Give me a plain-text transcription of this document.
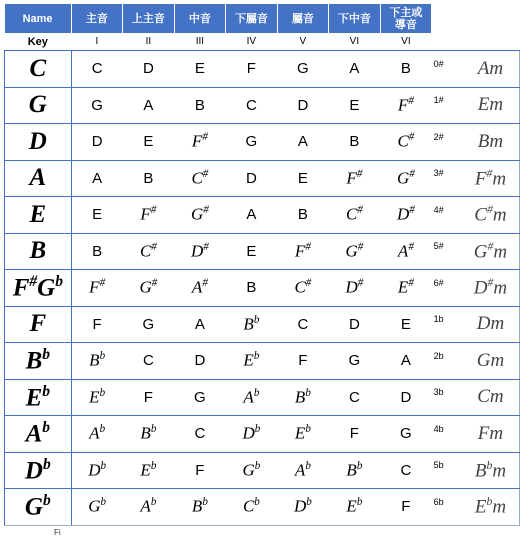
Name	主音	上主音	中音	下屬音	屬音	下中音	下主或
導音		
Key	I	II	III	IV	V	VI	VI		
C	C	D	E	F	G	A	B	0#	Am
G	G	A	B	C	D	E	F#	1#	Em
D	D	E	F#	G	A	B	C#	2#	Bm
A	A	B	C#	D	E	F#	G#	3#	F#m
E	E	F#	G#	A	B	C#	D#	4#	C#m
B	B	C#	D#	E	F#	G#	A#	5#	G#m
$F^{\#}G^b$	F#	G#	A#	B	C#	D#	E#	6#	D#m
F	F	G	A	$B^b$	C	D	E	1b	Dm
$B^b$	$B^b$	C	D	$E^b$	F	G	A	2b	Gm
$E^b$	$E^b$	F	G	$A^b$	$B^b$	C	D	3b	Cm
$A^b$	$A^b$	$B^b$	C	$D^b$	$E^b$	F	G	4b	Fm
$D^b$	$D^b$	$E^b$	F	$G^b$	$A^b$	$B^b$	C	5b	$B^bm$
$G^b$	$G^b$	$A^b$	$B^b$	$C^b$	$D^b$	$E^b$	F	6b	$E^bm$
Fi
